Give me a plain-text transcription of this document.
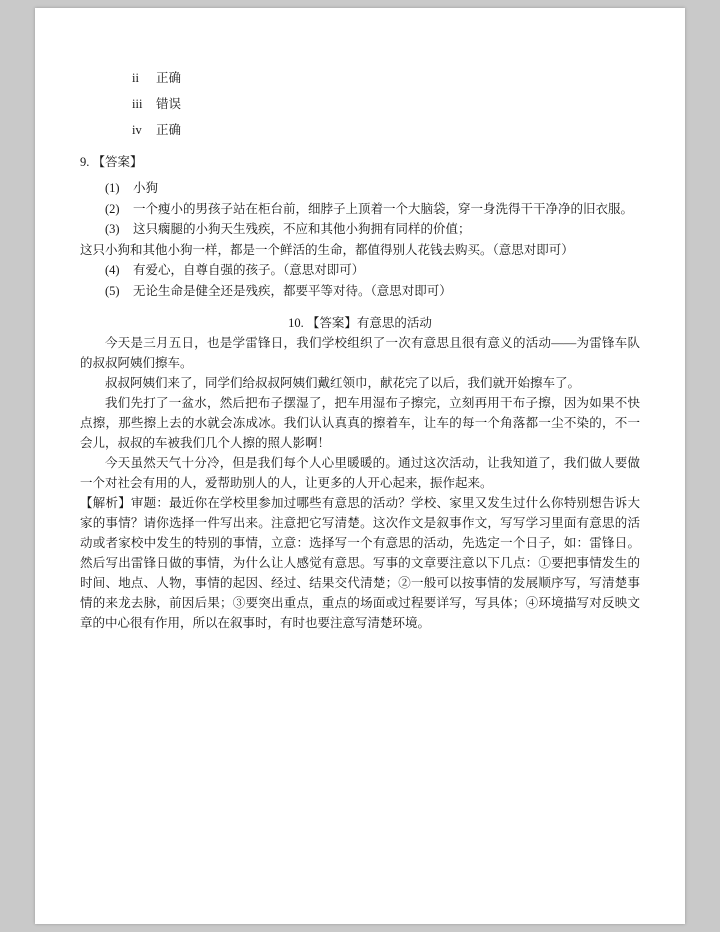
ii 正确
iii 错误
iv 正确
9. 【答案】
(1) 小狗
(2) 一个瘦小的男孩子站在柜台前，细脖子上顶着一个大脑袋，穿一身洗得干干净净的旧衣服。
(3) 这只瘸腿的小狗天生残疾，不应和其他小狗拥有同样的价值；
这只小狗和其他小狗一样，都是一个鲜活的生命，都值得别人花钱去购买。（意思对即可）
(4) 有爱心，自尊自强的孩子。（意思对即可）
(5) 无论生命是健全还是残疾，都要平等对待。（意思对即可）
10. 【答案】有意思的活动

今天是三月五日，也是学雷锋日，我们学校组织了一次有意思且很有意义的活动——为雷锋车队的叔叔阿姨们擦车。

叔叔阿姨们来了，同学们给叔叔阿姨们戴红领巾，献花完了以后，我们就开始擦车了。

我们先打了一盆水，然后把布子摆湿了，把车用湿布子擦完，立刻再用干布子擦，因为如果不快点擦，那些擦上去的水就会冻成冰。我们认认真真的擦着车，让车的每一个角落都一尘不染的，不一会儿，叔叔的车被我们几个人擦的照人影啊！

今天虽然天气十分冷，但是我们每个人心里暖暖的。通过这次活动，让我知道了，我们做人要做一个对社会有用的人，爱帮助别人的人，让更多的人开心起来，振作起来。

【解析】审题：最近你在学校里参加过哪些有意思的活动？学校、家里又发生过什么你特别想告诉大家的事情？请你选择一件写出来。注意把它写清楚。这次作文是叙事作文，写写学习里面有意思的活动或者家校中发生的特别的事情，立意：选择写一个有意思的活动，先选定一个日子，如：雷锋日。然后写出雷锋日做的事情，为什么让人感觉有意思。写事的文章要注意以下几点：①要把事情发生的时间、地点、人物，事情的起因、经过、结果交代清楚；②一般可以按事情的发展顺序写，写清楚事情的来龙去脉，前因后果；③要突出重点，重点的场面或过程要详写，写具体；④环境描写对反映文章的中心很有作用，所以在叙事时，有时也要注意写清楚环境。
